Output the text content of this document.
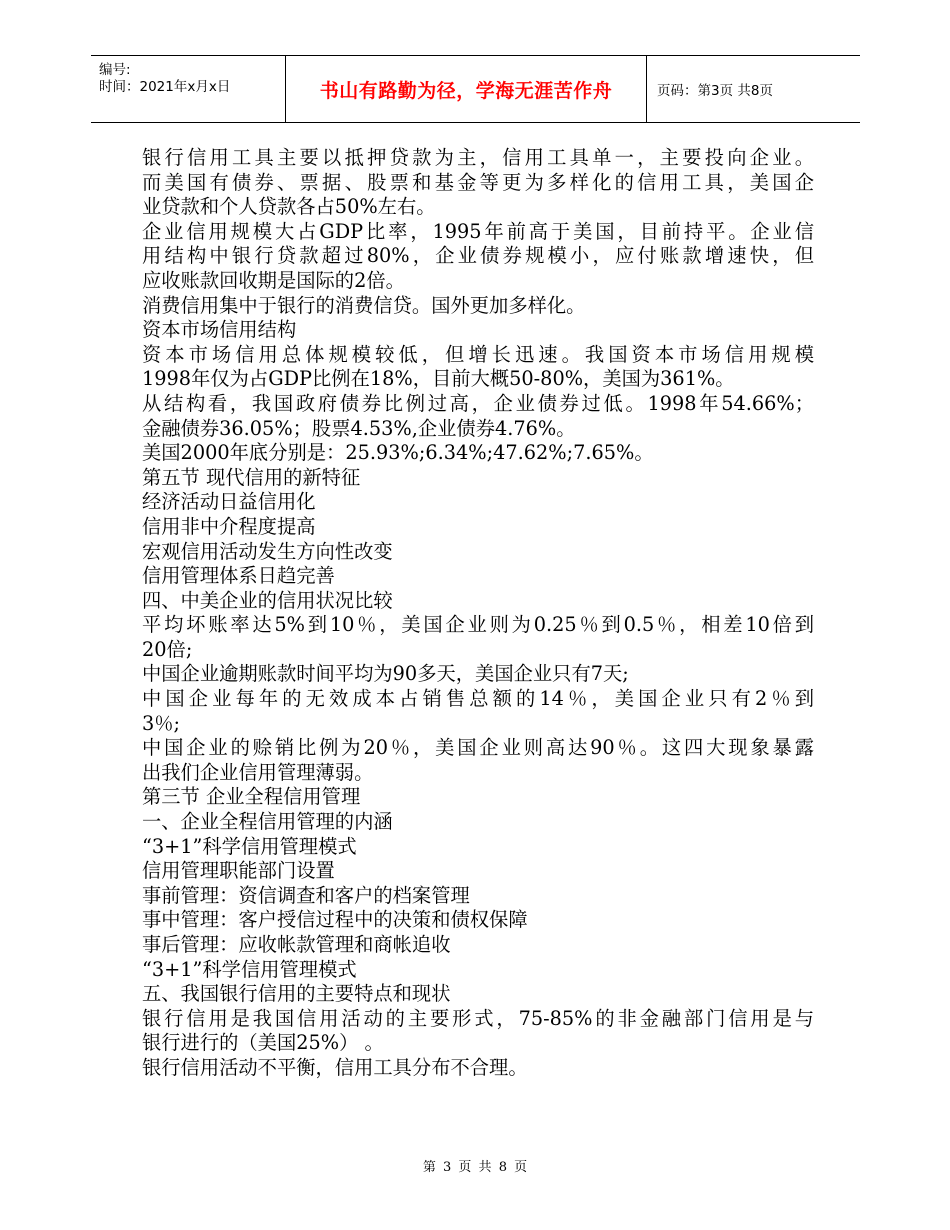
编号:
时间：2021年x月x日	书山有路勤为径，学海无涯苦作舟	页码：第3页 共8页
银行信用工具主要以抵押贷款为主，信用工具单一，主要投向企业。
而美国有债券、票据、股票和基金等更为多样化的信用工具，美国企
业贷款和个人贷款各占50%左右。
企业信用规模大占GDP比率，1995年前高于美国，目前持平。企业信
用结构中银行贷款超过80%，企业债券规模小，应付账款增速快，但
应收账款回收期是国际的2倍。
消费信用集中于银行的消费信贷。国外更加多样化。
资本市场信用结构
资本市场信用总体规模较低，但增长迅速。我国资本市场信用规模
1998年仅为占GDP比例在18%，目前大概50-80%，美国为361%。
从结构看，我国政府债券比例过高，企业债券过低。1998年54.66%；
金融债券36.05%；股票4.53%,企业债券4.76%。
美国2000年底分别是：25.93%;6.34%;47.62%;7.65%。
第五节 现代信用的新特征
经济活动日益信用化
信用非中介程度提高
宏观信用活动发生方向性改变
信用管理体系日趋完善
四、中美企业的信用状况比较
平均坏账率达5%到10％，美国企业则为0.25％到0.5％，相差10倍到
20倍;
中国企业逾期账款时间平均为90多天，美国企业只有7天;
中国企业每年的无效成本占销售总额的14％，美国企业只有2％到
3％;
中国企业的赊销比例为20％，美国企业则高达90％。这四大现象暴露
出我们企业信用管理薄弱。
第三节 企业全程信用管理
一、企业全程信用管理的内涵
“3+1”科学信用管理模式
信用管理职能部门设置
事前管理：资信调查和客户的档案管理
事中管理：客户授信过程中的决策和债权保障
事后管理：应收帐款管理和商帐追收
“3+1”科学信用管理模式
五、我国银行信用的主要特点和现状
银行信用是我国信用活动的主要形式，75-85%的非金融部门信用是与
银行进行的（美国25%） 。
银行信用活动不平衡，信用工具分布不合理。
第 3 页 共 8 页
